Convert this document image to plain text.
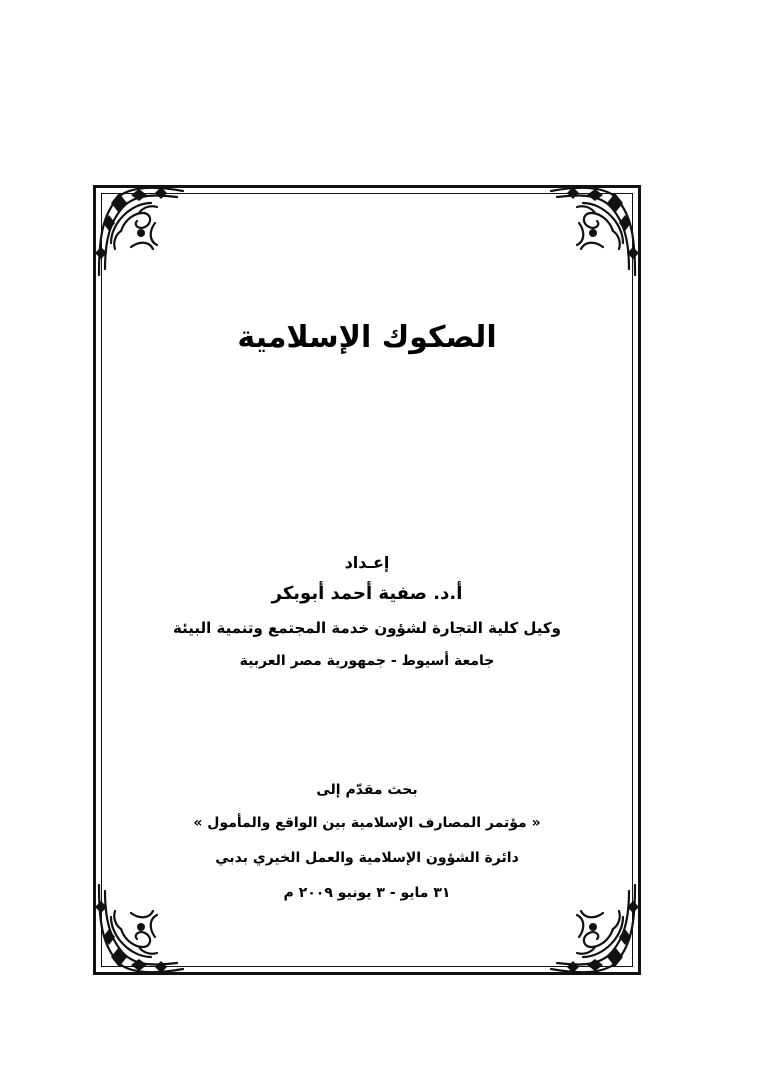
الصكوك الإسلامية
إعـداد
أ.د. صفية أحمد أبوبكر
وكيل كلية التجارة لشؤون خدمة المجتمع وتنمية البيئة
جامعة أسيوط - جمهورية مصر العربية
بحث مقدّم إلى
« مؤتمر المصارف الإسلامية بين الواقع والمأمول »
دائرة الشؤون الإسلامية والعمل الخيري بدبي
٣١ مايو - ٣ يونيو ٢٠٠٩ م
